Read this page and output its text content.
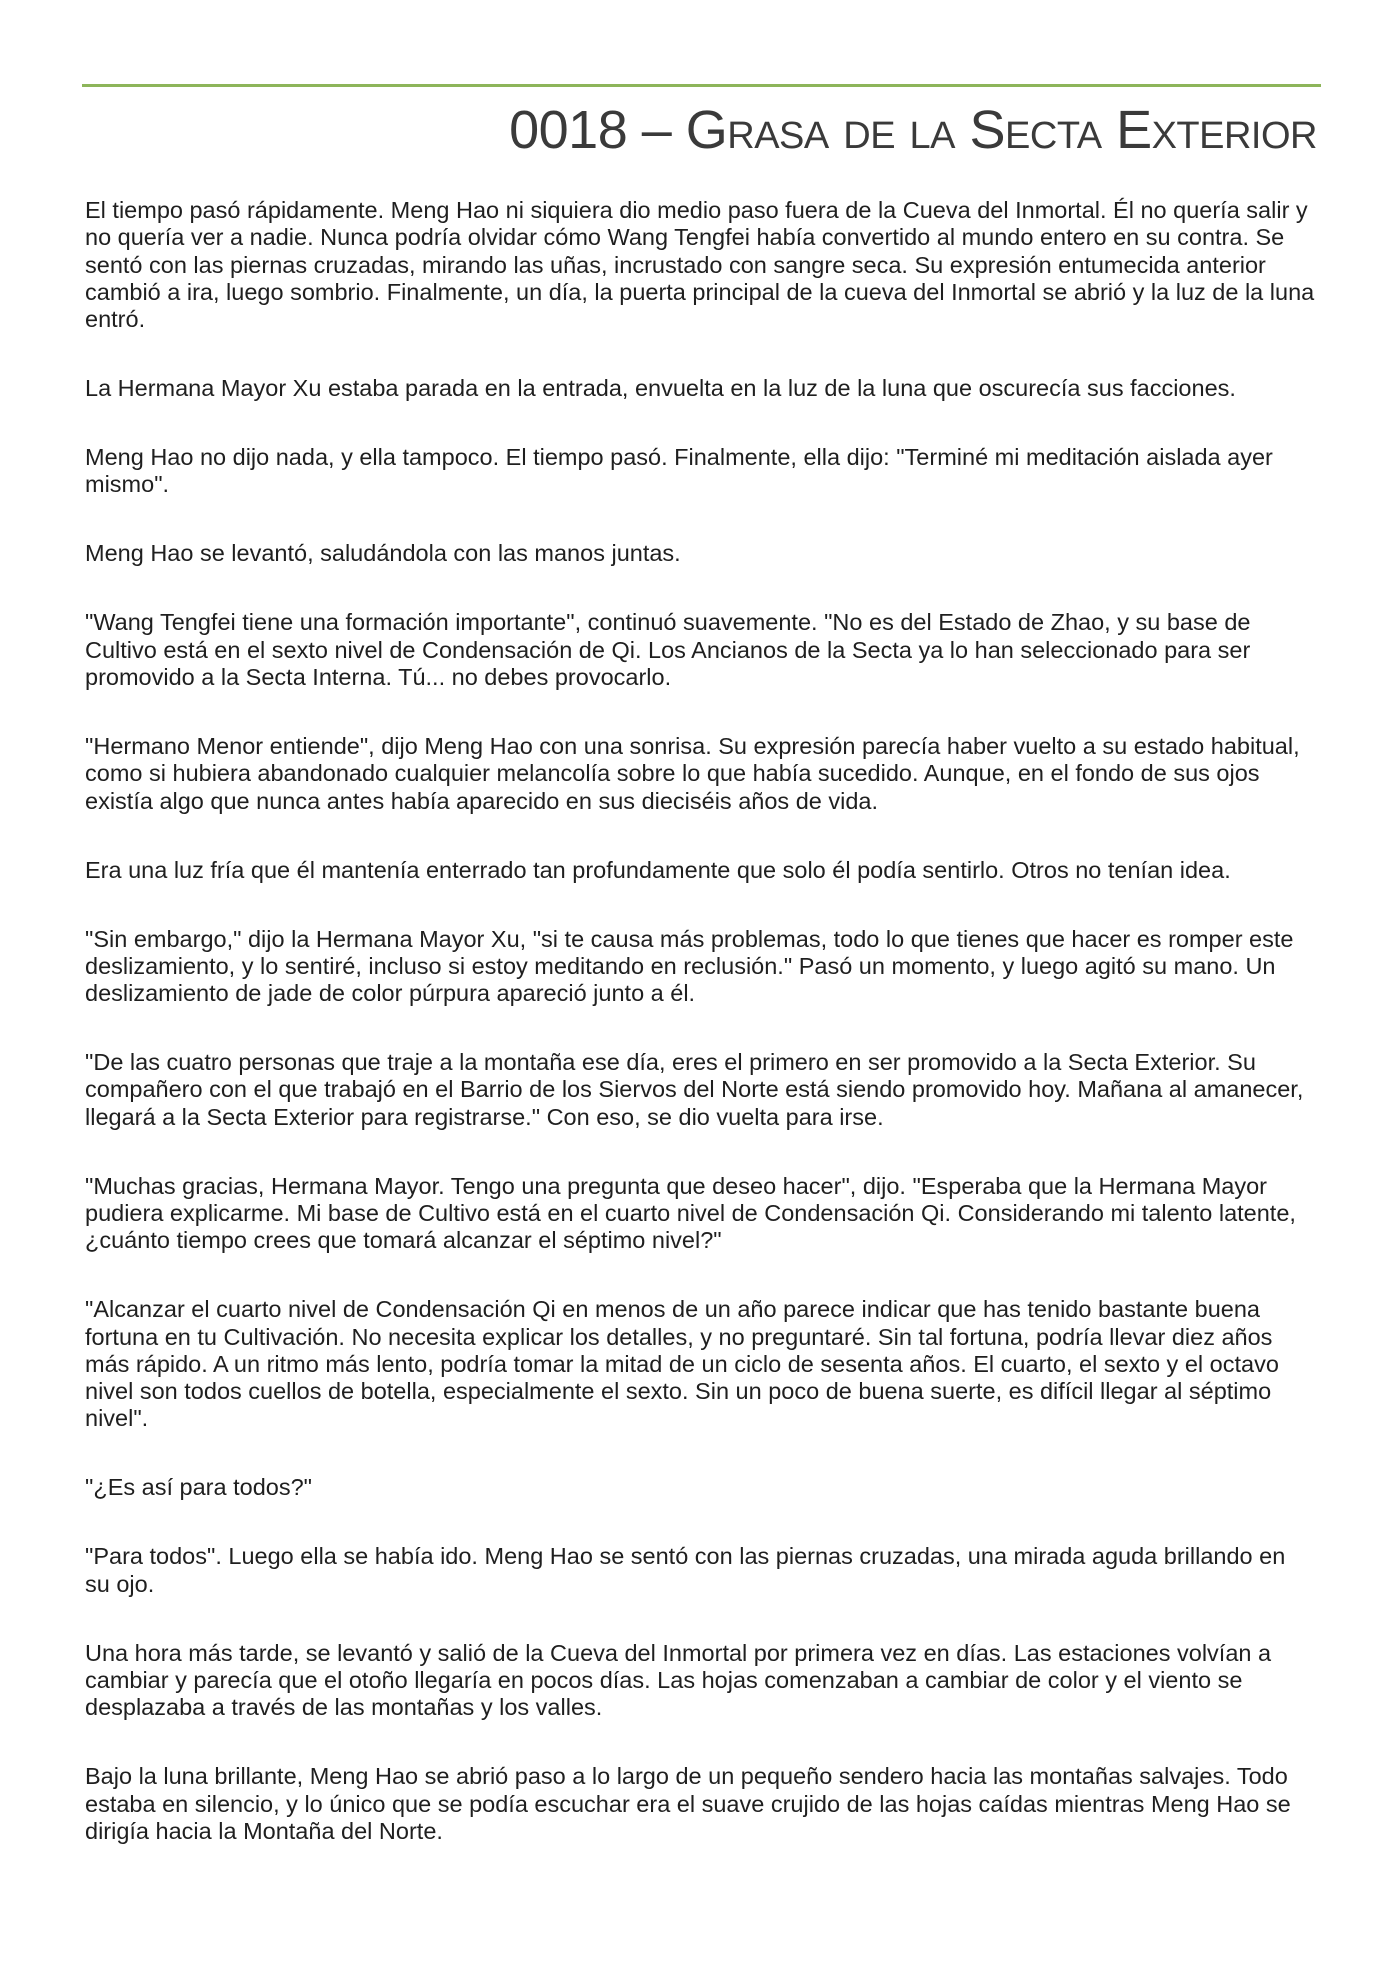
0018 – Grasa de la Secta Exterior
El tiempo pasó rápidamente. Meng Hao ni siquiera dio medio paso fuera de la Cueva del Inmortal. Él no quería salir y
no quería ver a nadie. Nunca podría olvidar cómo Wang Tengfei había convertido al mundo entero en su contra. Se
sentó con las piernas cruzadas, mirando las uñas, incrustado con sangre seca. Su expresión entumecida anterior
cambió a ira, luego sombrio. Finalmente, un día, la puerta principal de la cueva del Inmortal se abrió y la luz de la luna
entró.
La Hermana Mayor Xu estaba parada en la entrada, envuelta en la luz de la luna que oscurecía sus facciones.
Meng Hao no dijo nada, y ella tampoco. El tiempo pasó. Finalmente, ella dijo: "Terminé mi meditación aislada ayer
mismo".
Meng Hao se levantó, saludándola con las manos juntas.
"Wang Tengfei tiene una formación importante", continuó suavemente. "No es del Estado de Zhao, y su base de
Cultivo está en el sexto nivel de Condensación de Qi. Los Ancianos de la Secta ya lo han seleccionado para ser
promovido a la Secta Interna. Tú... no debes provocarlo.
"Hermano Menor entiende", dijo Meng Hao con una sonrisa. Su expresión parecía haber vuelto a su estado habitual,
como si hubiera abandonado cualquier melancolía sobre lo que había sucedido. Aunque, en el fondo de sus ojos
existía algo que nunca antes había aparecido en sus dieciséis años de vida.
Era una luz fría que él mantenía enterrado tan profundamente que solo él podía sentirlo. Otros no tenían idea.
"Sin embargo," dijo la Hermana Mayor Xu, "si te causa más problemas, todo lo que tienes que hacer es romper este
deslizamiento, y lo sentiré, incluso si estoy meditando en reclusión." Pasó un momento, y luego agitó su mano. Un
deslizamiento de jade de color púrpura apareció junto a él.
"De las cuatro personas que traje a la montaña ese día, eres el primero en ser promovido a la Secta Exterior. Su
compañero con el que trabajó en el Barrio de los Siervos del Norte está siendo promovido hoy. Mañana al amanecer,
llegará a la Secta Exterior para registrarse." Con eso, se dio vuelta para irse.
"Muchas gracias, Hermana Mayor. Tengo una pregunta que deseo hacer", dijo. "Esperaba que la Hermana Mayor
pudiera explicarme. Mi base de Cultivo está en el cuarto nivel de Condensación Qi. Considerando mi talento latente,
¿cuánto tiempo crees que tomará alcanzar el séptimo nivel?"
"Alcanzar el cuarto nivel de Condensación Qi en menos de un año parece indicar que has tenido bastante buena
fortuna en tu Cultivación. No necesita explicar los detalles, y no preguntaré. Sin tal fortuna, podría llevar diez años
más rápido. A un ritmo más lento, podría tomar la mitad de un ciclo de sesenta años. El cuarto, el sexto y el octavo
nivel son todos cuellos de botella, especialmente el sexto. Sin un poco de buena suerte, es difícil llegar al séptimo
nivel".
"¿Es así para todos?"
"Para todos". Luego ella se había ido. Meng Hao se sentó con las piernas cruzadas, una mirada aguda brillando en
su ojo.
Una hora más tarde, se levantó y salió de la Cueva del Inmortal por primera vez en días. Las estaciones volvían a
cambiar y parecía que el otoño llegaría en pocos días. Las hojas comenzaban a cambiar de color y el viento se
desplazaba a través de las montañas y los valles.
Bajo la luna brillante, Meng Hao se abrió paso a lo largo de un pequeño sendero hacia las montañas salvajes. Todo
estaba en silencio, y lo único que se podía escuchar era el suave crujido de las hojas caídas mientras Meng Hao se
dirigía hacia la Montaña del Norte.
